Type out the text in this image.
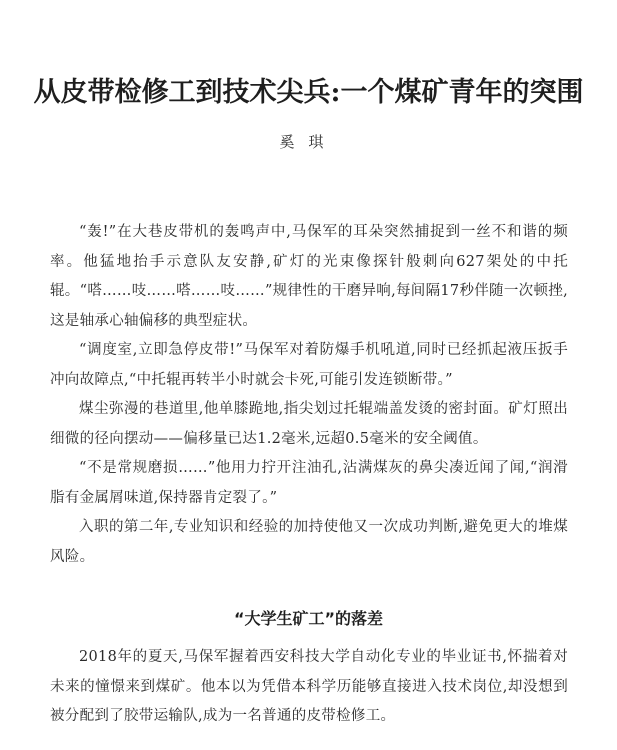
从皮带检修工到技术尖兵:一个煤矿青年的突围
奚琪

“轰!”在大巷皮带机的轰鸣声中,马保军的耳朵突然捕捉到一丝不和谐的频率。他猛地抬手示意队友安静,矿灯的光束像探针般刺向627架处的中托辊。“嗒……吱……嗒……吱……”规律性的干磨异响,每间隔17秒伴随一次顿挫,这是轴承心轴偏移的典型症状。

“调度室,立即急停皮带!”马保军对着防爆手机吼道,同时已经抓起液压扳手冲向故障点,“中托辊再转半小时就会卡死,可能引发连锁断带。”

煤尘弥漫的巷道里,他单膝跪地,指尖划过托辊端盖发烫的密封面。矿灯照出细微的径向摆动——偏移量已达1.2毫米,远超0.5毫米的安全阈值。

“不是常规磨损……”他用力拧开注油孔,沾满煤灰的鼻尖凑近闻了闻,“润滑脂有金属屑味道,保持器肯定裂了。”

入职的第二年,专业知识和经验的加持使他又一次成功判断,避免更大的堆煤风险。

“大学生矿工”的落差

2018年的夏天,马保军握着西安科技大学自动化专业的毕业证书,怀揣着对未来的憧憬来到煤矿。他本以为凭借本科学历能够直接进入技术岗位,却没想到被分配到了胶带运输队,成为一名普通的皮带检修工。
